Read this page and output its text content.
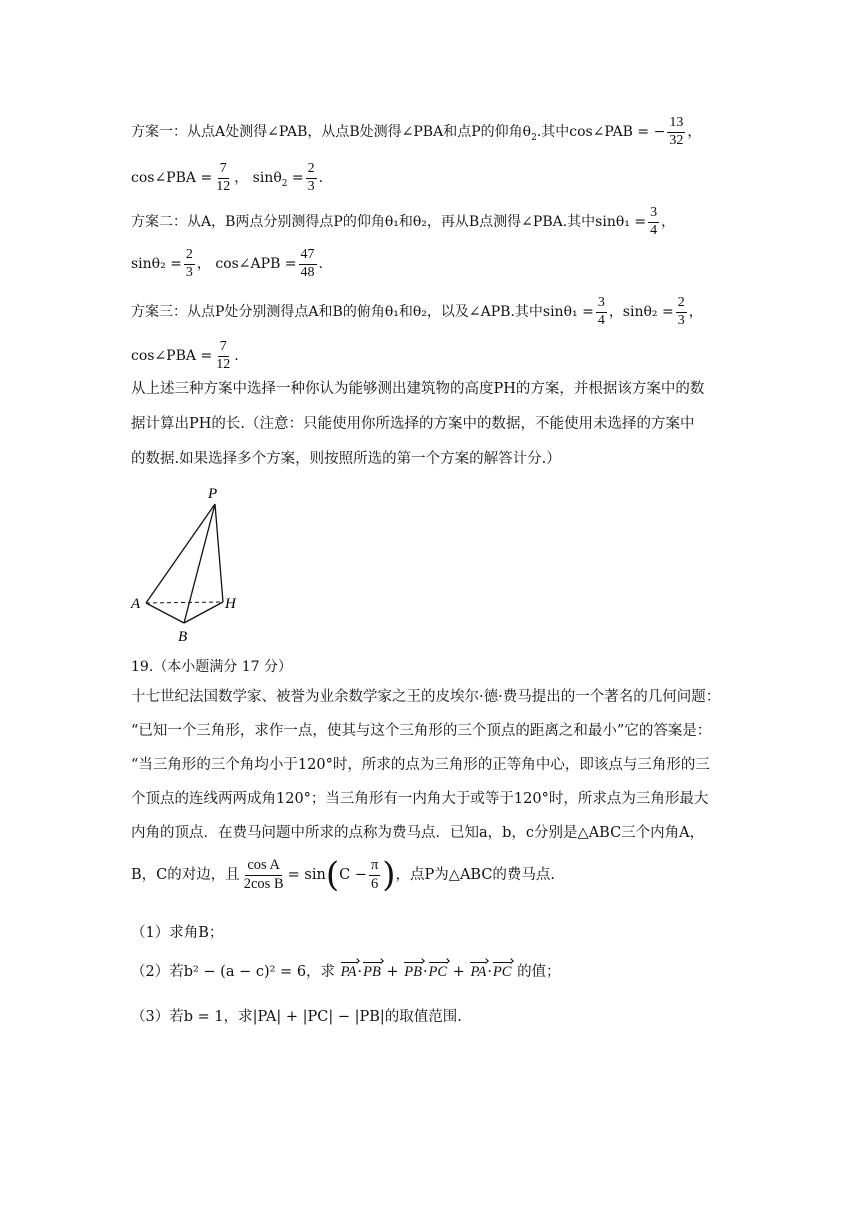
方案一：从点A处测得∠PAB，从点B处测得∠PBA和点P的仰角$\theta_2$.其中cos∠PAB = − $\frac{13}{32}$ ，
cos∠PBA = $\frac{7}{12}$ ， $\sin\theta_2 = \frac{2}{3}$ .
方案二：从A，B两点分别测得点P的仰角θ₁和θ₂，再从B点测得∠PBA.其中$\sin\theta_1 = \frac{3}{4}$ ，
$\sin\theta_2 = \frac{2}{3}$ ， cos∠APB = $\frac{47}{48}$ .
方案三：从点P处分别测得点A和B的俯角θ₁和θ₂，以及∠APB.其中$\sin\theta_1 = \frac{3}{4}$ ，$\sin\theta_2 = \frac{2}{3}$ ，
cos∠PBA = $\frac{7}{12}$ .
从上述三种方案中选择一种你认为能够测出建筑物的高度PH的方案，并根据该方案中的数
据计算出PH的长.（注意：只能使用你所选择的方案中的数据，不能使用未选择的方案中
的数据.如果选择多个方案，则按照所选的第一个方案的解答计分.）
P
A	H
B
19.（本小题满分 17 分）
十七世纪法国数学家、被誉为业余数学家之王的皮埃尔·德·费马提出的一个著名的几何问题：
“已知一个三角形，求作一点，使其与这个三角形的三个顶点的距离之和最小”它的答案是：
“当三角形的三个角均小于120°时，所求的点为三角形的正等角中心，即该点与三角形的三
个顶点的连线两两成角120°；当三角形有一内角大于或等于120°时，所求点为三角形最大
内角的顶点．在费马问题中所求的点称为费马点．已知a，b，c分别是△ABC三个内角A，
B，C的对边，且 $\frac{\text{cos A}}{\text{2cos B}} = \sin(C - \frac{\pi}{6}$ )，点P为△ABC的费马点.
（1）求角B；
（2）若b² − (a − c)² = 6，求 PA·PB + PB·PC + PA·PC 的值；
（3）若b = 1，求|PA| + |PC| − |PB|的取值范围.
